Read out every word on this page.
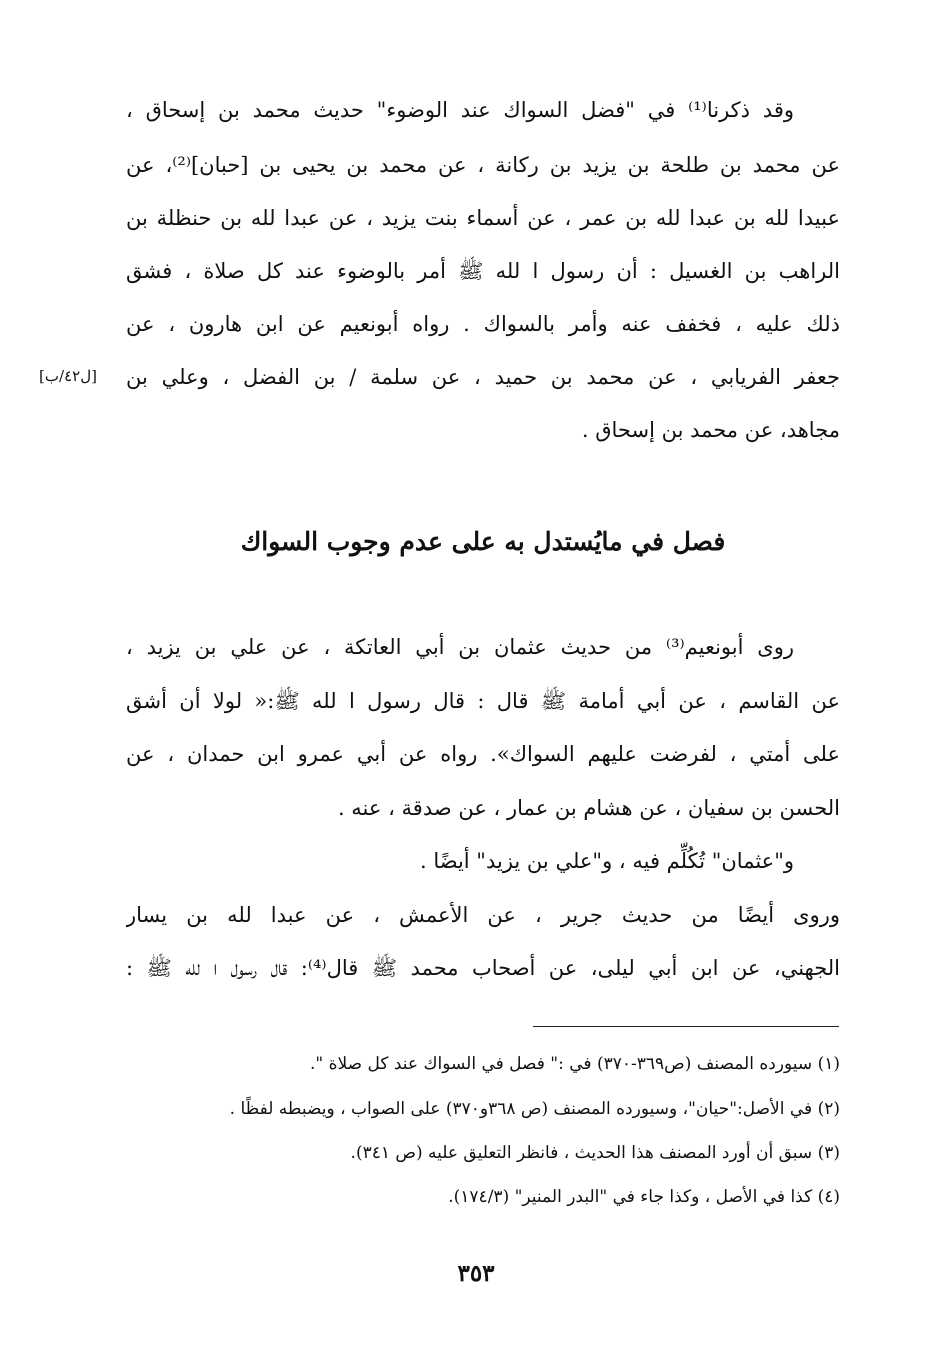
وقد ذكرنا⁽¹⁾ في "فضل السواك عند الوضوء" حديث محمد بن إسحاق ،
عن محمد بن طلحة بن يزيد بن ركانة ، عن محمد بن يحيى بن [حبان]⁽²⁾، عن
عبيدا لله بن عبدا لله بن عمر ، عن أسماء بنت يزيد ، عن عبدا لله بن حنظلة بن
الراهب بن الغسيل : أن رسول ا لله ﷺ أمر بالوضوء عند كل صلاة ، فشق
ذلك عليه ، فخفف عنه وأمر بالسواك . رواه أبونعيم عن ابن هارون ، عن
جعفر الفريابي ، عن محمد بن حميد ، عن سلمة / بن الفضل ، وعلي بن
مجاهد، عن محمد بن إسحاق .
[ل٤٢/ب]
فصل في مايُستدل به على عدم وجوب السواك
روى أبونعيم⁽³⁾ من حديث عثمان بن أبي العاتكة ، عن علي بن يزيد ،
عن القاسم ، عن أبي أمامة ﷺ قال : قال رسول ا لله ﷺ:« لولا أن أشق
على أمتي ، لفرضت عليهم السواك». رواه عن أبي عمرو ابن حمدان ، عن
الحسن بن سفيان ، عن هشام بن عمار ، عن صدقة ، عنه .
و"عثمان" تُكُلِّم فيه ، و"علي بن يزيد" أيضًا .
وروى أيضًا من حديث جرير ، عن الأعمش ، عن عبدا لله بن يسار
الجهني، عن ابن أبي ليلى، عن أصحاب محمد ﷺ قال⁽⁴⁾: قال رسول ا لله ﷺ :
(١) سيورده المصنف (ص٣٦٩-٣٧٠) في :" فصل في السواك عند كل صلاة ".
(٢) في الأصل:"حيان"، وسيورده المصنف (ص ٣٦٨و٣٧٠) على الصواب ، ويضبطه لفظًا .
(٣) سبق أن أورد المصنف هذا الحديث ، فانظر التعليق عليه (ص ٣٤١).
(٤) كذا في الأصل ، وكذا جاء في "البدر المنير" (١٧٤/٣).
٣٥٣
